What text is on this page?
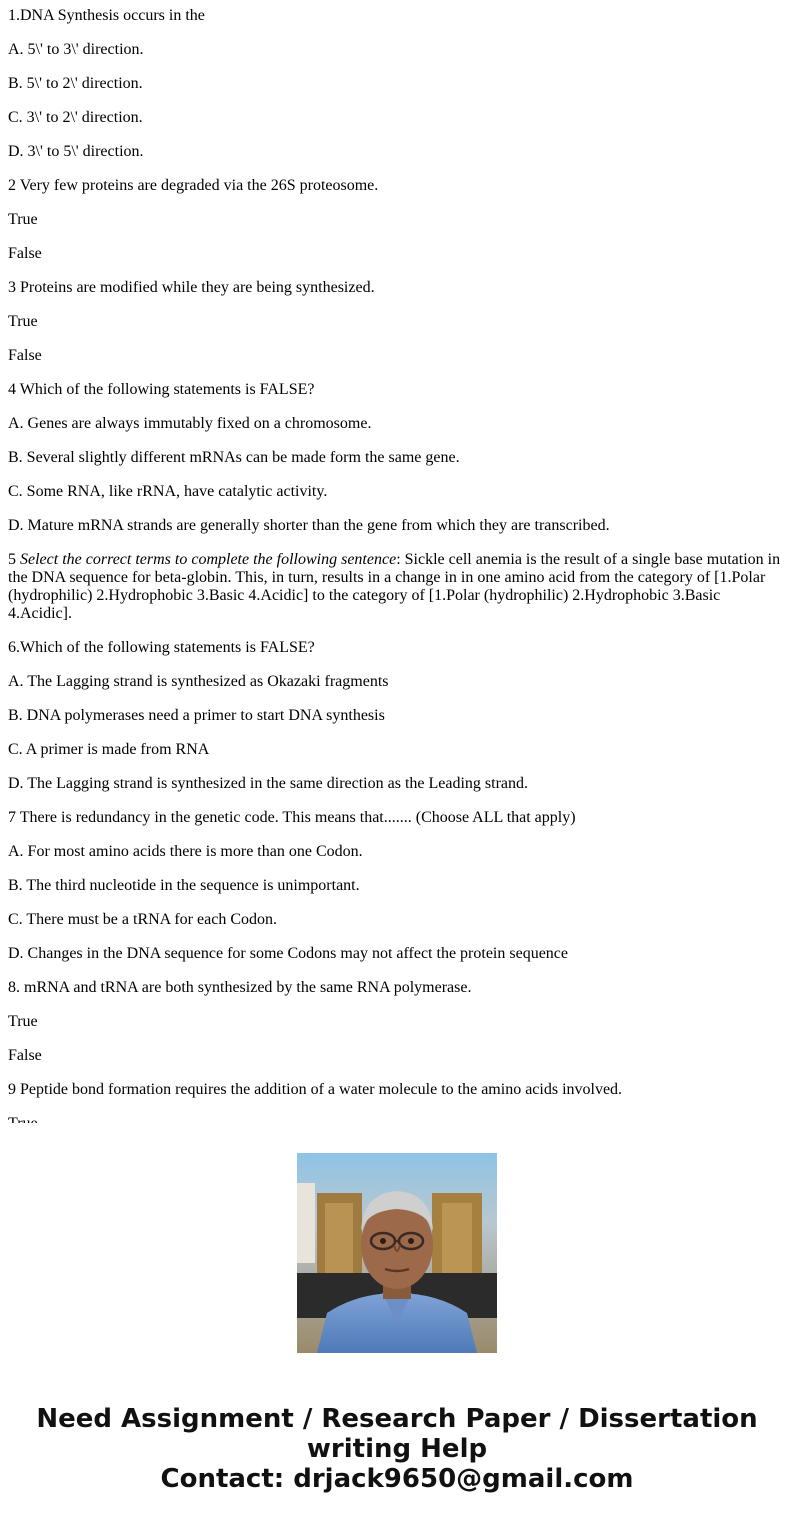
1.DNA Synthesis occurs in the

A. 5\' to 3\' direction.

B. 5\' to 2\' direction.

C. 3\' to 2\' direction.

D. 3\' to 5\' direction.

2 Very few proteins are degraded via the 26S proteosome.

True

False

3 Proteins are modified while they are being synthesized.

True

False

4 Which of the following statements is FALSE?

A. Genes are always immutably fixed on a chromosome.

B. Several slightly different mRNAs can be made form the same gene.

C. Some RNA, like rRNA, have catalytic activity.

D. Mature mRNA strands are generally shorter than the gene from which they are transcribed.

5 Select the correct terms to complete the following sentence: Sickle cell anemia is the result of a single base mutation in the DNA sequence for beta-globin. This, in turn, results in a change in in one amino acid from the category of [1.Polar (hydrophilic) 2.Hydrophobic 3.Basic 4.Acidic] to the category of [1.Polar (hydrophilic) 2.Hydrophobic 3.Basic 4.Acidic].

6.Which of the following statements is FALSE?

A. The Lagging strand is synthesized as Okazaki fragments

B. DNA polymerases need a primer to start DNA synthesis

C. A primer is made from RNA

D. The Lagging strand is synthesized in the same direction as the Leading strand.

7 There is redundancy in the genetic code. This means that....... (Choose ALL that apply)

A. For most amino acids there is more than one Codon.

B. The third nucleotide in the sequence is unimportant.

C. There must be a tRNA for each Codon.

D. Changes in the DNA sequence for some Codons may not affect the protein sequence

8. mRNA and tRNA are both synthesized by the same RNA polymerase.

True

False

9 Peptide bond formation requires the addition of a water molecule to the amino acids involved.

Need Assignment / Research Paper / Dissertation
writing Help
Contact: drjack9650@gmail.com
